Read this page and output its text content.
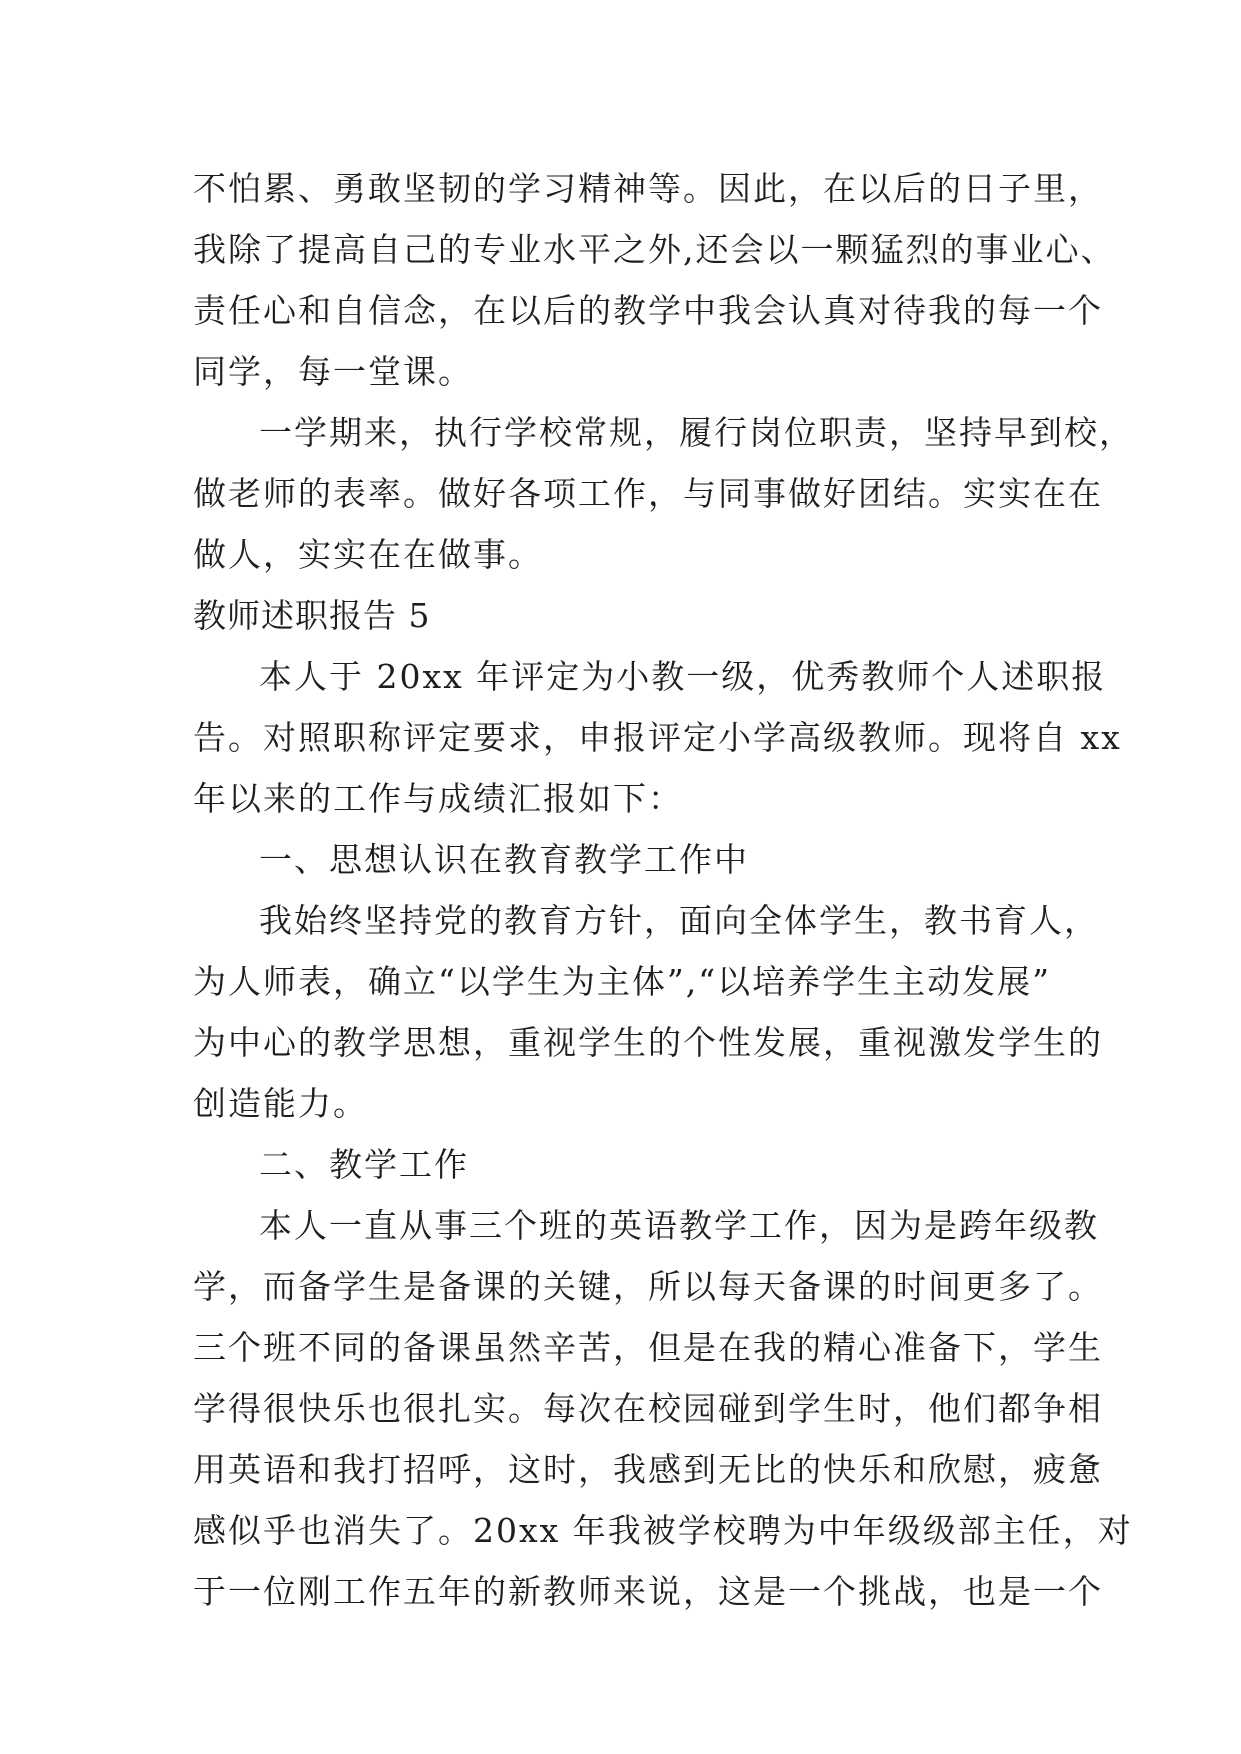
不怕累、勇敢坚韧的学习精神等。因此，在以后的日子里，
我除了提高自己的专业水平之外,还会以一颗猛烈的事业心、
责任心和自信念，在以后的教学中我会认真对待我的每一个
同学，每一堂课。
一学期来，执行学校常规，履行岗位职责，坚持早到校，
做老师的表率。做好各项工作，与同事做好团结。实实在在
做人，实实在在做事。
教师述职报告 5
本人于 20xx 年评定为小教一级，优秀教师个人述职报
告。对照职称评定要求，申报评定小学高级教师。现将自 xx
年以来的工作与成绩汇报如下：
一、思想认识在教育教学工作中
我始终坚持党的教育方针，面向全体学生，教书育人，
为人师表，确立“以学生为主体”,“以培养学生主动发展”
为中心的教学思想，重视学生的个性发展，重视激发学生的
创造能力。
二、教学工作
本人一直从事三个班的英语教学工作，因为是跨年级教
学，而备学生是备课的关键，所以每天备课的时间更多了。
三个班不同的备课虽然辛苦，但是在我的精心准备下，学生
学得很快乐也很扎实。每次在校园碰到学生时，他们都争相
用英语和我打招呼，这时，我感到无比的快乐和欣慰，疲惫
感似乎也消失了。20xx 年我被学校聘为中年级级部主任，对
于一位刚工作五年的新教师来说，这是一个挑战，也是一个
